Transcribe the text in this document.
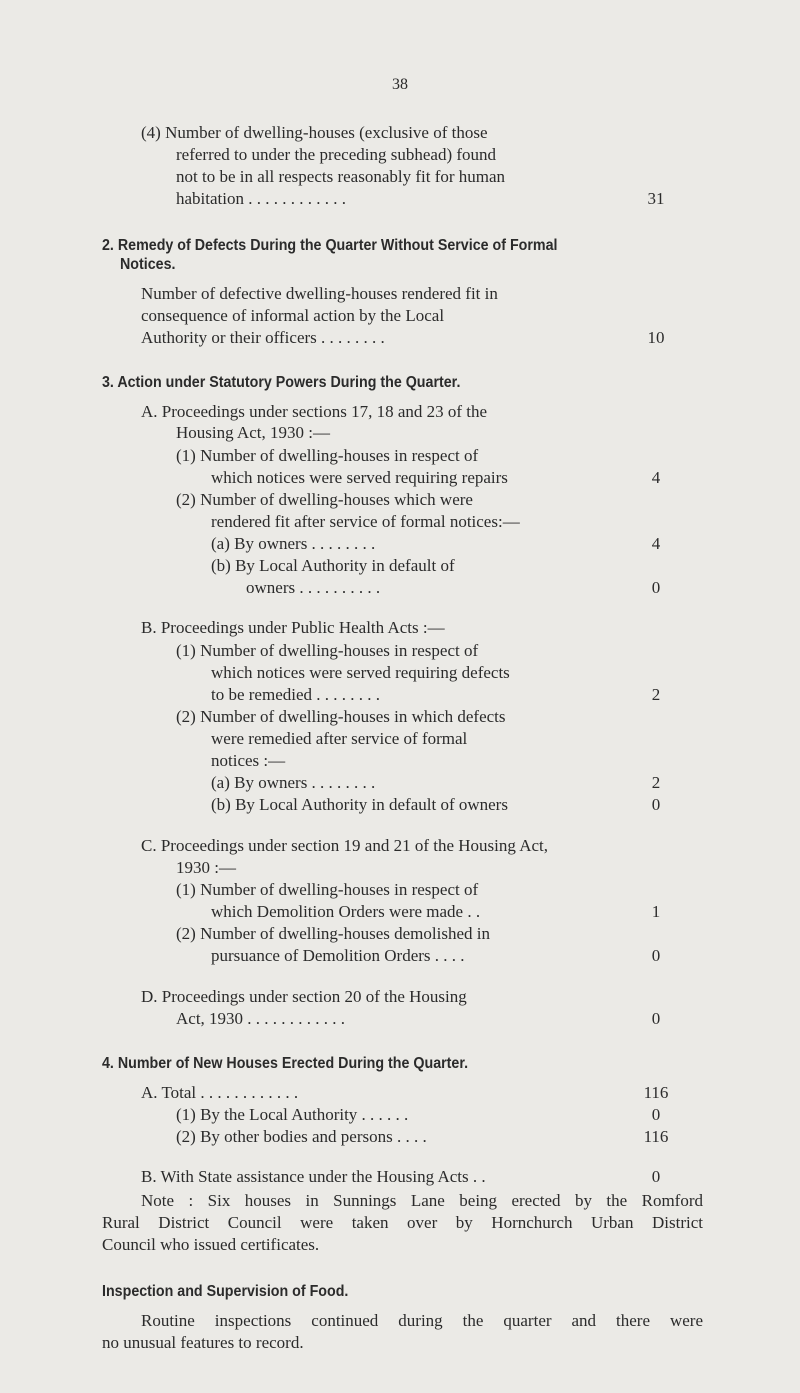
38
(4) Number of dwelling-houses (exclusive of those
referred to under the preceding subhead) found
not to be in all respects reasonably fit for human
habitation . . . . . . . . . . . .	31
2. Remedy of Defects During the Quarter Without Service of Formal
Notices.
Number of defective dwelling-houses rendered fit in
consequence of informal action by the Local
Authority or their officers . . . . . . . .	10
3. Action under Statutory Powers During the Quarter.
A. Proceedings under sections 17, 18 and 23 of the
Housing Act, 1930 :—
(1) Number of dwelling-houses in respect of
which notices were served requiring repairs	4
(2) Number of dwelling-houses which were
rendered fit after service of formal notices:—
(a) By owners . . . . . . . .	4
(b) By Local Authority in default of
owners . . . . . . . . . .	0
B. Proceedings under Public Health Acts :—
(1) Number of dwelling-houses in respect of
which notices were served requiring defects
to be remedied . . . . . . . .	2
(2) Number of dwelling-houses in which defects
were remedied after service of formal
notices :—
(a) By owners . . . . . . . .	2
(b) By Local Authority in default of owners	0
C. Proceedings under section 19 and 21 of the Housing Act,
1930 :—
(1) Number of dwelling-houses in respect of
which Demolition Orders were made . .	1
(2) Number of dwelling-houses demolished in
pursuance of Demolition Orders . . . .	0
D. Proceedings under section 20 of the Housing
Act, 1930 . . . . . . . . . . . .	0
4. Number of New Houses Erected During the Quarter.
A. Total . . . . . . . . . . . .	116
(1) By the Local Authority . . . . . .	0
(2) By other bodies and persons . . . .	116
B. With State assistance under the Housing Acts . .	0
Note : Six houses in Sunnings Lane being erected by the Romford
Rural District Council were taken over by Hornchurch Urban District
Council who issued certificates.
Inspection and Supervision of Food.
Routine inspections continued during the quarter and there were
no unusual features to record.
